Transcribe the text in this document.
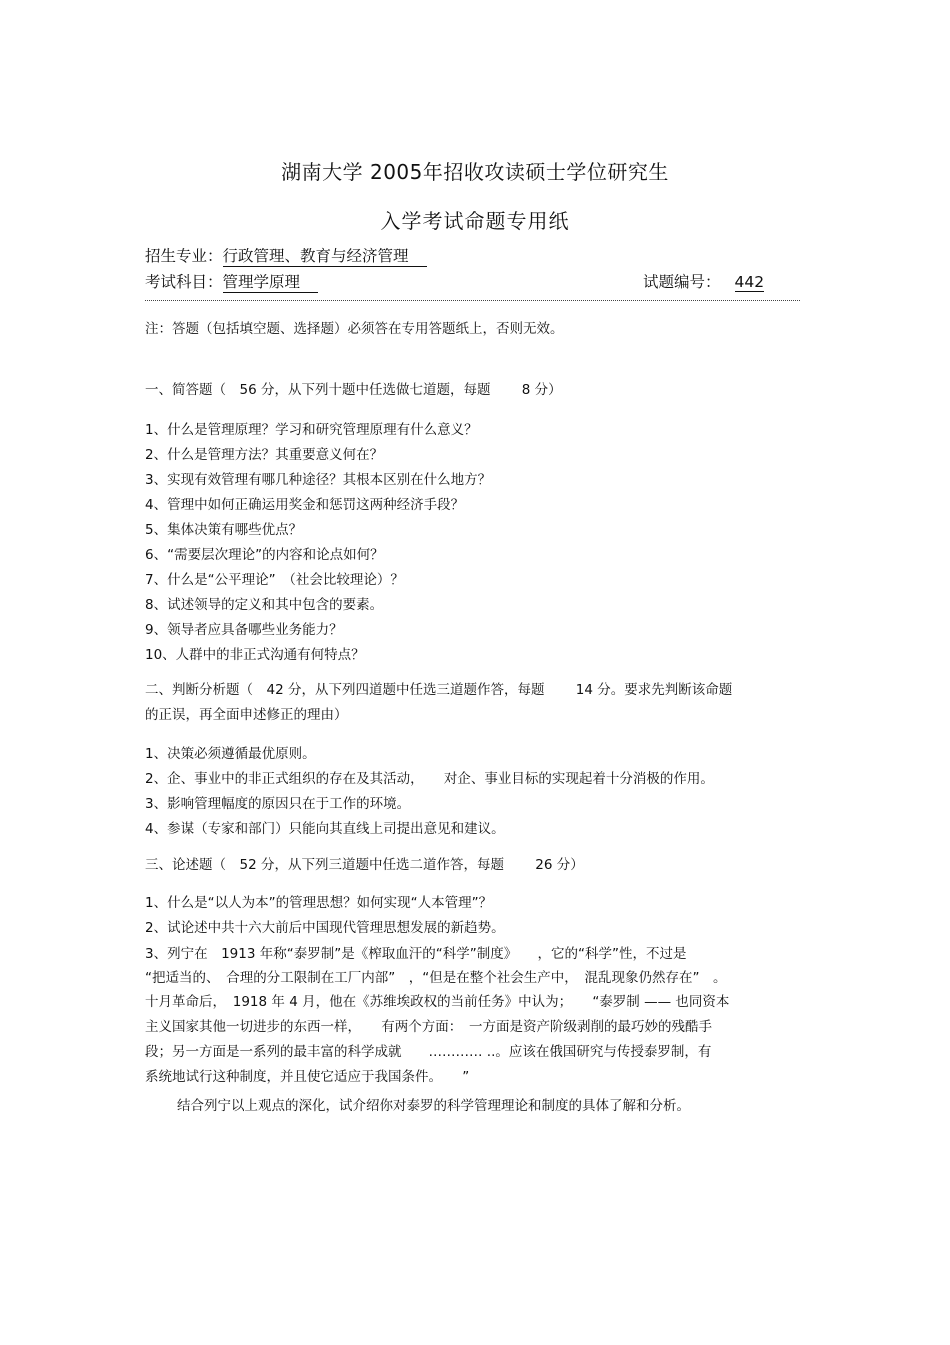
湖南大学 2005年招收攻读硕士学位研究生
入学考试命题专用纸
招生专业：行政管理、教育与经济管理
考试科目：管理学原理	试题编号： 442
注：答题（包括填空题、选择题）必须答在专用答题纸上，否则无效。
一、简答题（　56 分，从下列十题中任选做七道题，每题　　 8 分）
1、什么是管理原理？学习和研究管理原理有什么意义？
2、什么是管理方法？其重要意义何在？
3、实现有效管理有哪几种途径？其根本区别在什么地方？
4、管理中如何正确运用奖金和惩罚这两种经济手段？
5、集体决策有哪些优点？
6、“需要层次理论”的内容和论点如何？
7、什么是“公平理论”　（社会比较理论）？
8、试述领导的定义和其中包含的要素。
9、领导者应具备哪些业务能力？
10、人群中的非正式沟通有何特点？
二、判断分析题（　42 分，从下列四道题中任选三道题作答，每题　　 14 分。要求先判断该命题
的正误，再全面申述修正的理由）
1、决策必须遵循最优原则。
2、企、事业中的非正式组织的存在及其活动，　　对企、事业目标的实现起着十分消极的作用。
3、影响管理幅度的原因只在于工作的环境。
4、参谋（专家和部门）只能向其直线上司提出意见和建议。
三、论述题（　52 分，从下列三道题中任选二道作答，每题　　 26 分）
1、什么是“以人为本”的管理思想？如何实现“人本管理”？
2、试论述中共十六大前后中国现代管理思想发展的新趋势。
3、列宁在　1913 年称“泰罗制”是《榨取血汗的“科学”制度》　　，它的“科学”性，不过是
“把适当的、　合理的分工限制在工厂内部”　，“但是在整个社会生产中，　混乱现象仍然存在”　。
十月革命后，　1918 年 4 月，他在《苏维埃政权的当前任务》中认为；　　“泰罗制 —— 也同资本
主义国家其他一切进步的东西一样，　　有两个方面：　一方面是资产阶级剥削的最巧妙的残酷手
段；另一方面是一系列的最丰富的科学成就　　………… ..。应该在俄国研究与传授泰罗制，有
系统地试行这种制度，并且使它适应于我国条件。　　”
结合列宁以上观点的深化，试介绍你对泰罗的科学管理理论和制度的具体了解和分析。
